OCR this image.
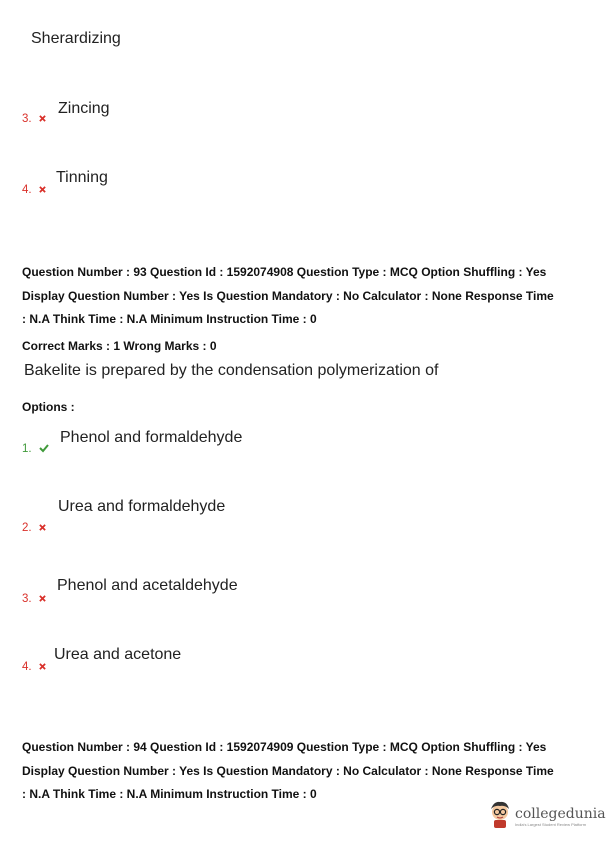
Sherardizing
3.
Zincing
4.
Tinning
Question Number : 93 Question Id : 1592074908 Question Type : MCQ Option Shuffling : Yes
Display Question Number : Yes Is Question Mandatory : No Calculator : None Response Time
: N.A Think Time : N.A Minimum Instruction Time : 0
Correct Marks : 1 Wrong Marks : 0
Bakelite is prepared by the condensation polymerization of
Options :
1.
Phenol and formaldehyde
2.
Urea and formaldehyde
3.
Phenol and acetaldehyde
4.
Urea and acetone
Question Number : 94 Question Id : 1592074909 Question Type : MCQ Option Shuffling : Yes
Display Question Number : Yes Is Question Mandatory : No Calculator : None Response Time
: N.A Think Time : N.A Minimum Instruction Time : 0
collegedunia
India's Largest Student Review Platform
